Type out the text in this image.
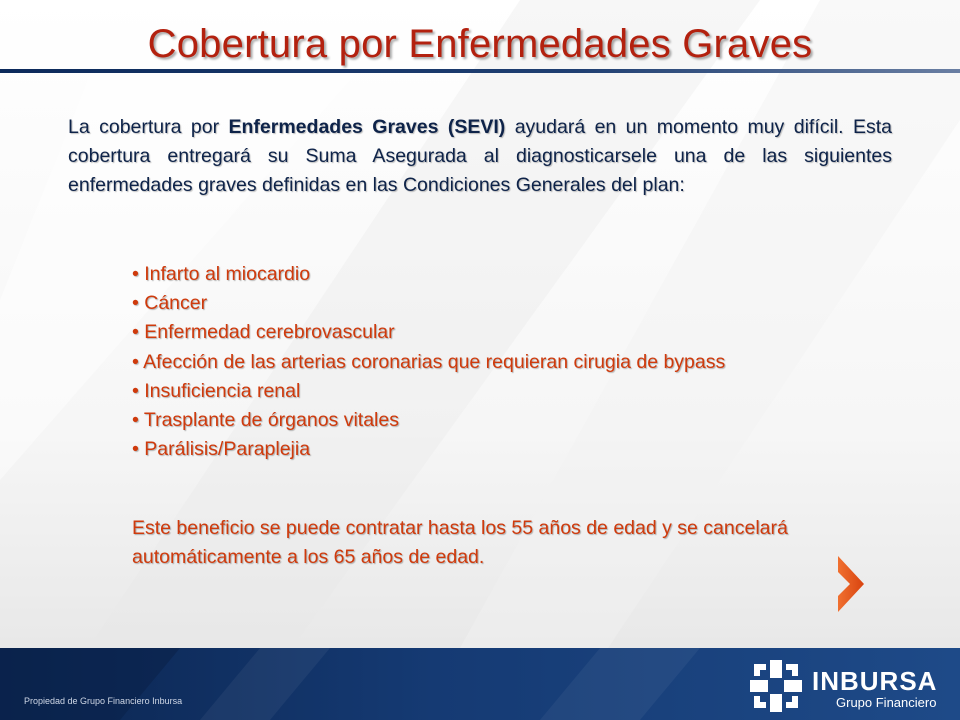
Cobertura por Enfermedades Graves
La cobertura por Enfermedades Graves (SEVI) ayudará en un momento muy difícil. Esta cobertura entregará su Suma Asegurada al diagnosticarsele una de las siguientes enfermedades graves definidas en las Condiciones Generales del plan:
• Infarto al miocardio
• Cáncer
• Enfermedad cerebrovascular
• Afección de las arterias coronarias que requieran cirugia de bypass
• Insuficiencia renal
• Trasplante de órganos vitales
• Parálisis/Paraplejia
Este beneficio se puede contratar hasta los 55 años de edad y se cancelará automáticamente a los 65 años de edad.
Propiedad de Grupo Financiero Inbursa
INBURSA
Grupo Financiero
